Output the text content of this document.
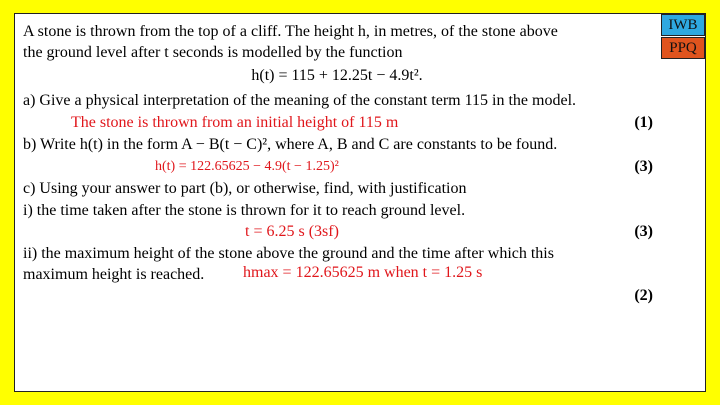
IWB
PPQ
A stone is thrown from the top of a cliff. The height h, in metres, of the stone above
the ground level after t seconds is modelled by the function
h(t) = 115 + 12.25t − 4.9t².
a) Give a physical interpretation of the meaning of the constant term 115 in the model.
The stone is thrown from an initial height of 115 m	(1)
b) Write h(t) in the form A − B(t − C)², where A, B and C are constants to be found.
h(t) = 122.65625 − 4.9(t − 1.25)²	(3)
c) Using your answer to part (b), or otherwise, find, with justification
i) the time taken after the stone is thrown for it to reach ground level.
t = 6.25 s (3sf)	(3)
ii) the maximum height of the stone above the ground and the time after which this
maximum height is reached. hmax = 122.65625 m when t = 1.25 s
(2)
